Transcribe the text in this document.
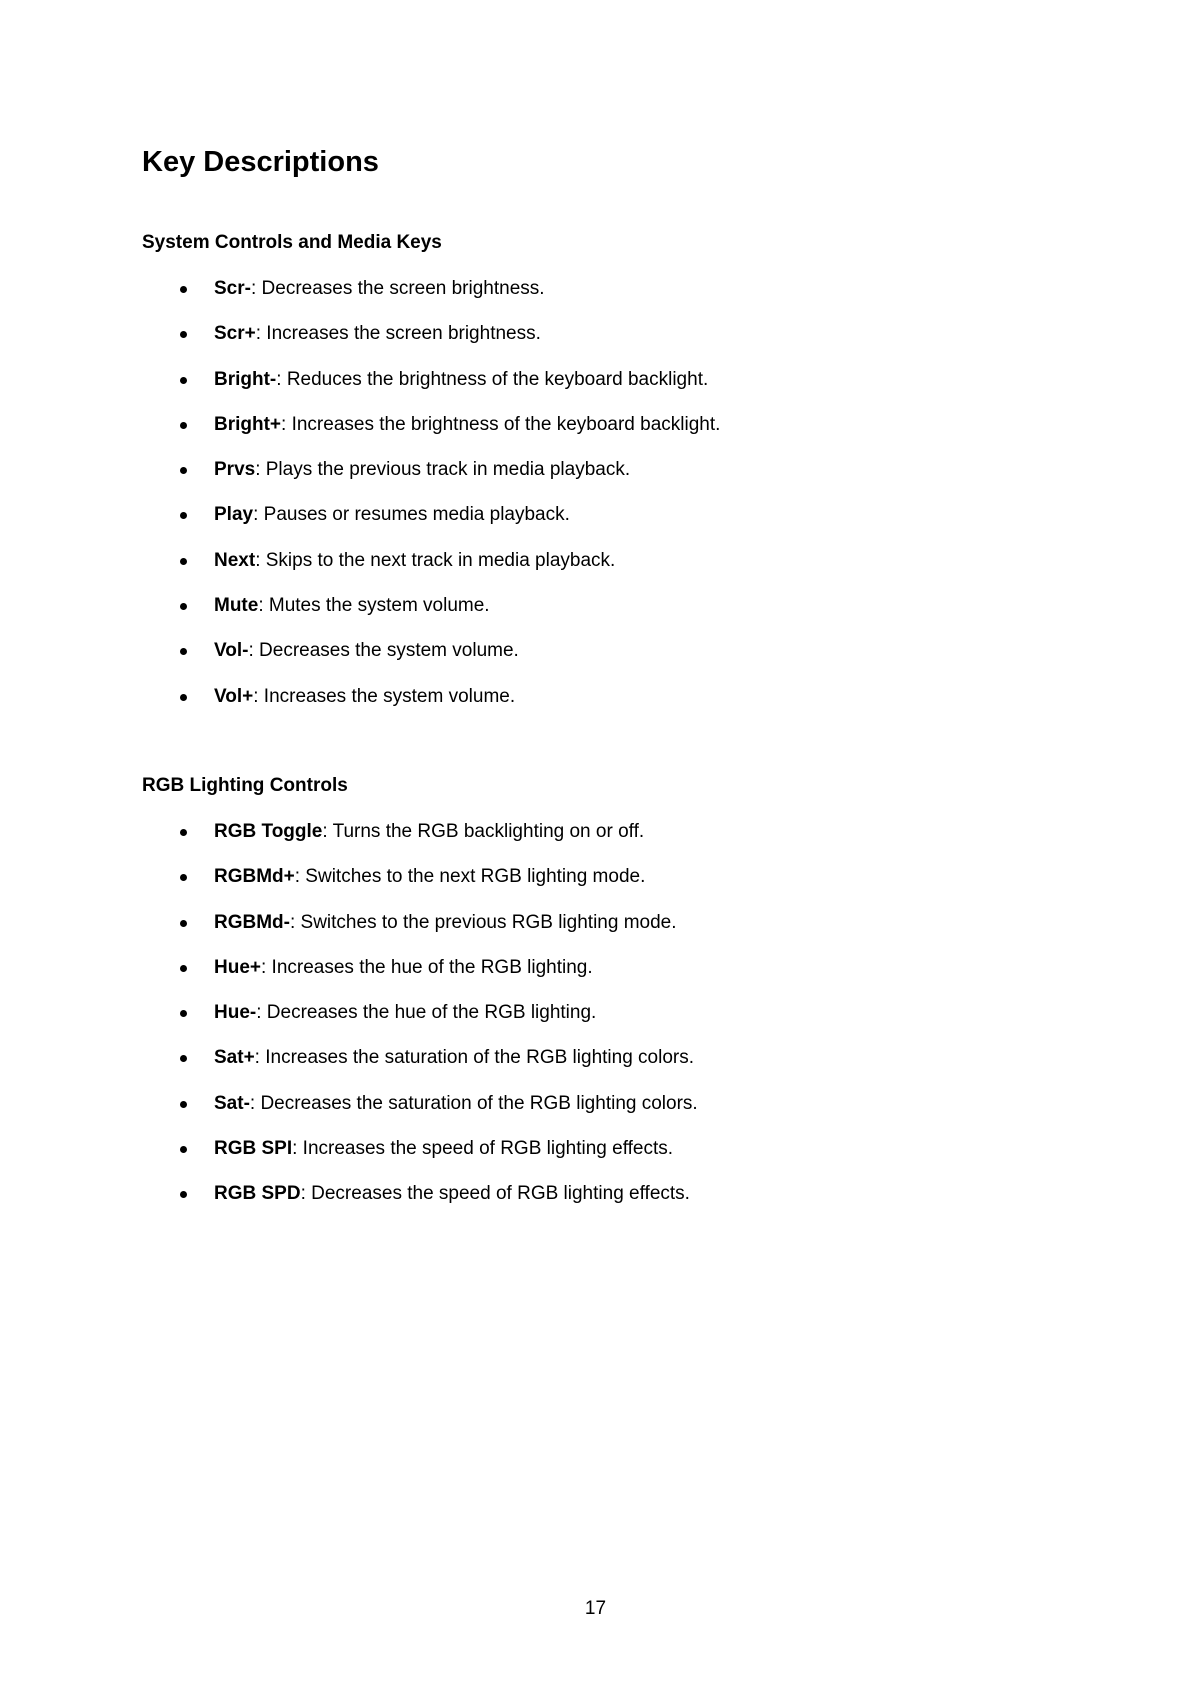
Key Descriptions
System Controls and Media Keys
Scr-: Decreases the screen brightness.
Scr+: Increases the screen brightness.
Bright-: Reduces the brightness of the keyboard backlight.
Bright+: Increases the brightness of the keyboard backlight.
Prvs: Plays the previous track in media playback.
Play: Pauses or resumes media playback.
Next: Skips to the next track in media playback.
Mute: Mutes the system volume.
Vol-: Decreases the system volume.
Vol+: Increases the system volume.
RGB Lighting Controls
RGB Toggle: Turns the RGB backlighting on or off.
RGBMd+: Switches to the next RGB lighting mode.
RGBMd-: Switches to the previous RGB lighting mode.
Hue+: Increases the hue of the RGB lighting.
Hue-: Decreases the hue of the RGB lighting.
Sat+: Increases the saturation of the RGB lighting colors.
Sat-: Decreases the saturation of the RGB lighting colors.
RGB SPI: Increases the speed of RGB lighting effects.
RGB SPD: Decreases the speed of RGB lighting effects.
17
